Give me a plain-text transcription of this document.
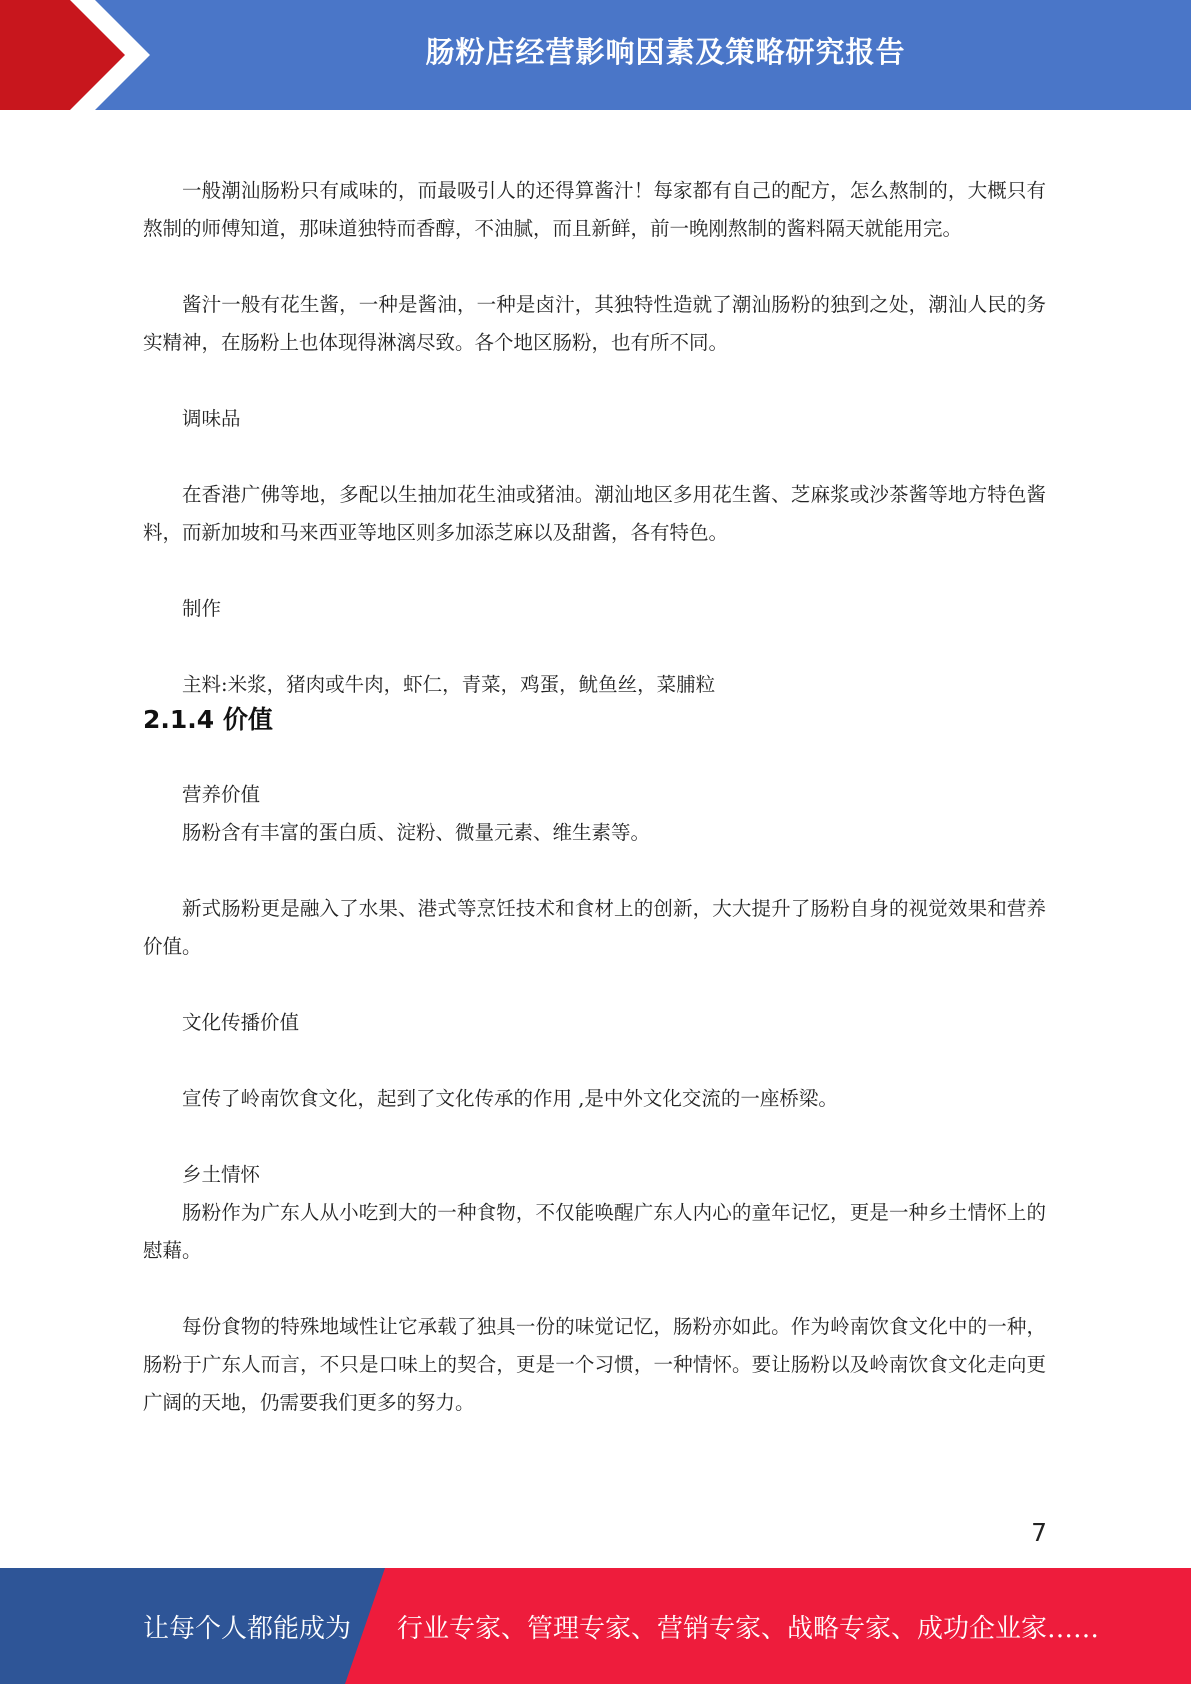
肠粉店经营影响因素及策略研究报告

一般潮汕肠粉只有咸味的，而最吸引人的还得算酱汁！每家都有自己的配方，怎么熬制的，大概只有熬制的师傅知道，那味道独特而香醇，不油腻，而且新鲜，前一晚刚熬制的酱料隔天就能用完。

酱汁一般有花生酱，一种是酱油，一种是卤汁，其独特性造就了潮汕肠粉的独到之处，潮汕人民的务实精神，在肠粉上也体现得淋漓尽致。各个地区肠粉，也有所不同。

调味品

在香港广佛等地，多配以生抽加花生油或猪油。潮汕地区多用花生酱、芝麻浆或沙茶酱等地方特色酱料，而新加坡和马来西亚等地区则多加添芝麻以及甜酱，各有特色。

制作

主料:米浆，猪肉或牛肉，虾仁，青菜，鸡蛋，鱿鱼丝，菜脯粒

2.1.4 价值

营养价值

肠粉含有丰富的蛋白质、淀粉、微量元素、维生素等。

新式肠粉更是融入了水果、港式等烹饪技术和食材上的创新，大大提升了肠粉自身的视觉效果和营养价值。

文化传播价值

宣传了岭南饮食文化，起到了文化传承的作用 ,是中外文化交流的一座桥梁。

乡土情怀

肠粉作为广东人从小吃到大的一种食物，不仅能唤醒广东人内心的童年记忆，更是一种乡土情怀上的慰藉。

每份食物的特殊地域性让它承载了独具一份的味觉记忆，肠粉亦如此。作为岭南饮食文化中的一种，肠粉于广东人而言，不只是口味上的契合，更是一个习惯，一种情怀。要让肠粉以及岭南饮食文化走向更广阔的天地，仍需要我们更多的努力。

7
让每个人都能成为 行业专家、管理专家、营销专家、战略专家、成功企业家……
